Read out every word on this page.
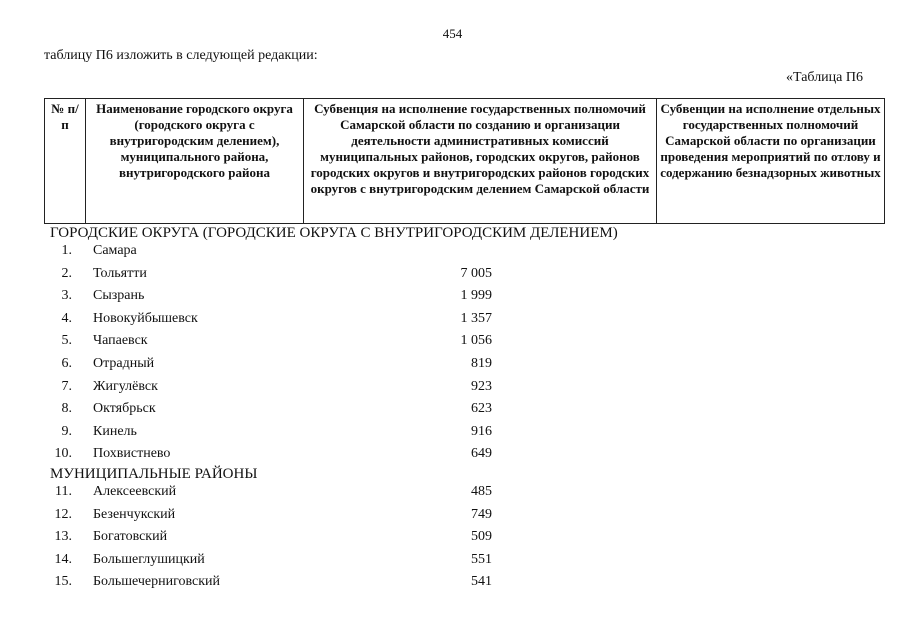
454
таблицу П6 изложить в следующей редакции:
«Таблица П6
№ п/п	Наименование городского округа (городского округа с внутригородским делением), муниципального района, внутригородского района	Субвенция на исполнение государственных полномочий Самарской области по созданию и организации деятельности административных комиссий муниципальных районов, городских округов, районов городских округов и внутригородских районов городских округов с внутригородским делением Самарской области	Субвенции на исполнение отдельных государственных полномочий Самарской области по организации проведения мероприятий по отлову и содержанию безнадзорных животных
ГОРОДСКИЕ ОКРУГА (ГОРОДСКИЕ ОКРУГА С ВНУТРИГОРОДСКИМ ДЕЛЕНИЕМ)
1. Самара
2. Тольятти	7 005
3. Сызрань	1 999
4. Новокуйбышевск	1 357
5. Чапаевск	1 056
6. Отрадный	819
7. Жигулёвск	923
8. Октябрьск	623
9. Кинель	916
10. Похвистнево	649
МУНИЦИПАЛЬНЫЕ РАЙОНЫ
11. Алексеевский	485
12. Безенчукский	749
13. Богатовский	509
14. Большеглушицкий	551
15. Большечерниговский	541
